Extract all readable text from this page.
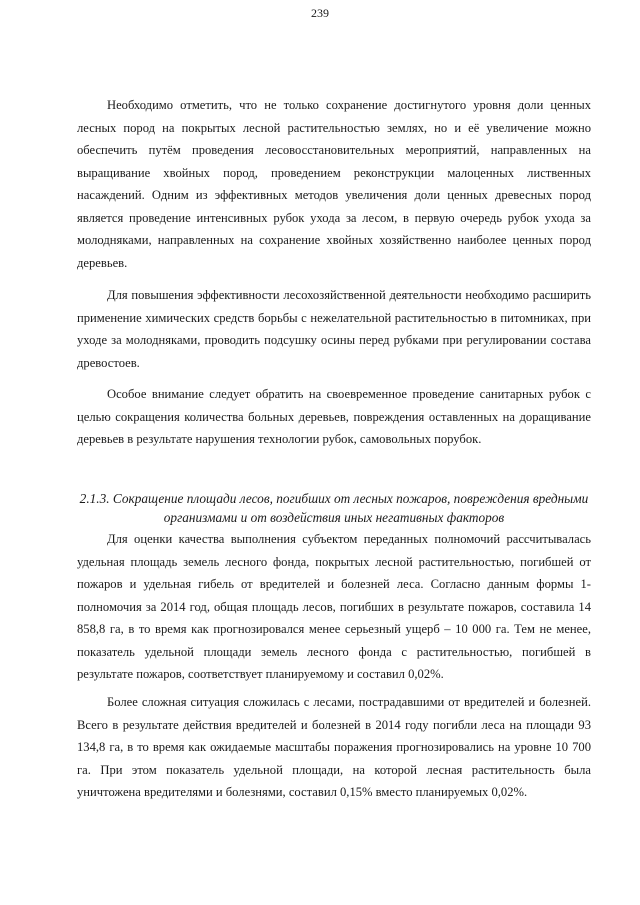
239

Необходимо отметить, что не только сохранение достигнутого уровня доли ценных лесных пород на покрытых лесной растительностью землях, но и её увеличение можно обеспечить путём проведения лесовосстановительных мероприятий, направленных на выращивание хвойных пород, проведением реконструкции малоценных лиственных насаждений. Одним из эффективных методов увеличения доли ценных древесных пород является проведение интенсивных рубок ухода за лесом, в первую очередь рубок ухода за молодняками, направленных на сохранение хвойных хозяйственно наиболее ценных пород деревьев.

Для повышения эффективности лесохозяйственной деятельности необходимо расширить применение химических средств борьбы с нежелательной растительностью в питомниках, при уходе за молодняками, проводить подсушку осины перед рубками при регулировании состава древостоев.

Особое внимание следует обратить на своевременное проведение санитарных рубок с целью сокращения количества больных деревьев, повреждения оставленных на доращивание деревьев в результате нарушения технологии рубок, самовольных порубок.

2.1.3. Сокращение площади лесов, погибших от лесных пожаров, повреждения вредными организмами и от воздействия иных негативных факторов

Для оценки качества выполнения субъектом переданных полномочий рассчитывалась удельная площадь земель лесного фонда, покрытых лесной растительностью, погибшей от пожаров и удельная гибель от вредителей и болезней леса. Согласно данным формы 1-полномочия за 2014 год, общая площадь лесов, погибших в результате пожаров, составила 14 858,8 га, в то время как прогнозировался менее серьезный ущерб – 10 000 га. Тем не менее, показатель удельной площади земель лесного фонда с растительностью, погибшей в результате пожаров, соответствует планируемому и составил 0,02%.

Более сложная ситуация сложилась с лесами, пострадавшими от вредителей и болезней. Всего в результате действия вредителей и болезней в 2014 году погибли леса на площади 93 134,8 га, в то время как ожидаемые масштабы поражения прогнозировались на уровне 10 700 га. При этом показатель удельной площади, на которой лесная растительность была уничтожена вредителями и болезнями, составил 0,15% вместо планируемых 0,02%.
